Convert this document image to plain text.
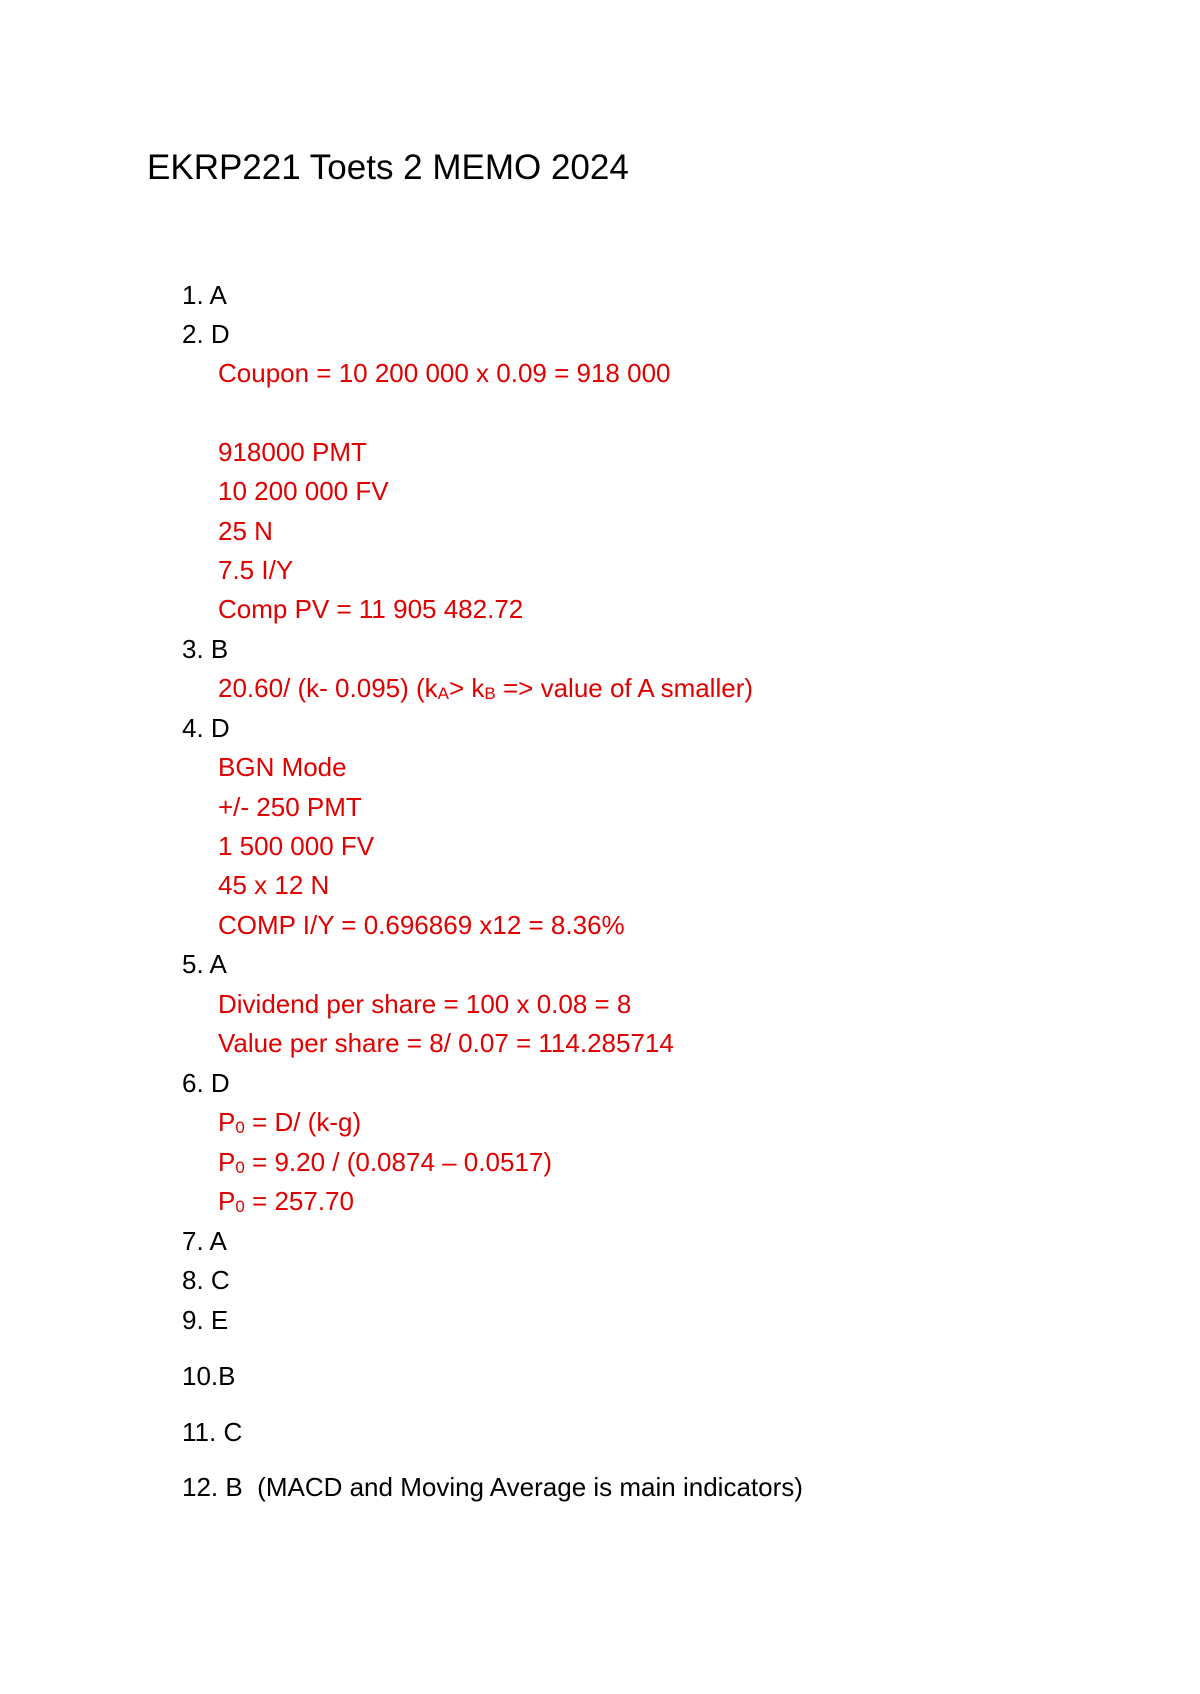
EKRP221 Toets 2 MEMO 2024
1. A
2. D
Coupon = 10 200 000 x 0.09 = 918 000
918000 PMT
10 200 000 FV
25 N
7.5 I/Y
Comp PV = 11 905 482.72
3. B
20.60/ (k- 0.095) ($k_A> k_B$ => value of A smaller)
4. D
BGN Mode
+/- 250 PMT
1 500 000 FV
45 x 12 N
COMP I/Y = 0.696869 x12 = 8.36%
5. A
Dividend per share = 100 x 0.08 = 8
Value per share = 8/ 0.07 = 114.285714
6. D
$P_0 = D/$ (k-g)
$P_0 = 9.20 / (0.0874 - 0.0517)$
$P_0 = 257.70$
7. A
8. C
9. E
10.B
11. C
12. B  (MACD and Moving Average is main indicators)
